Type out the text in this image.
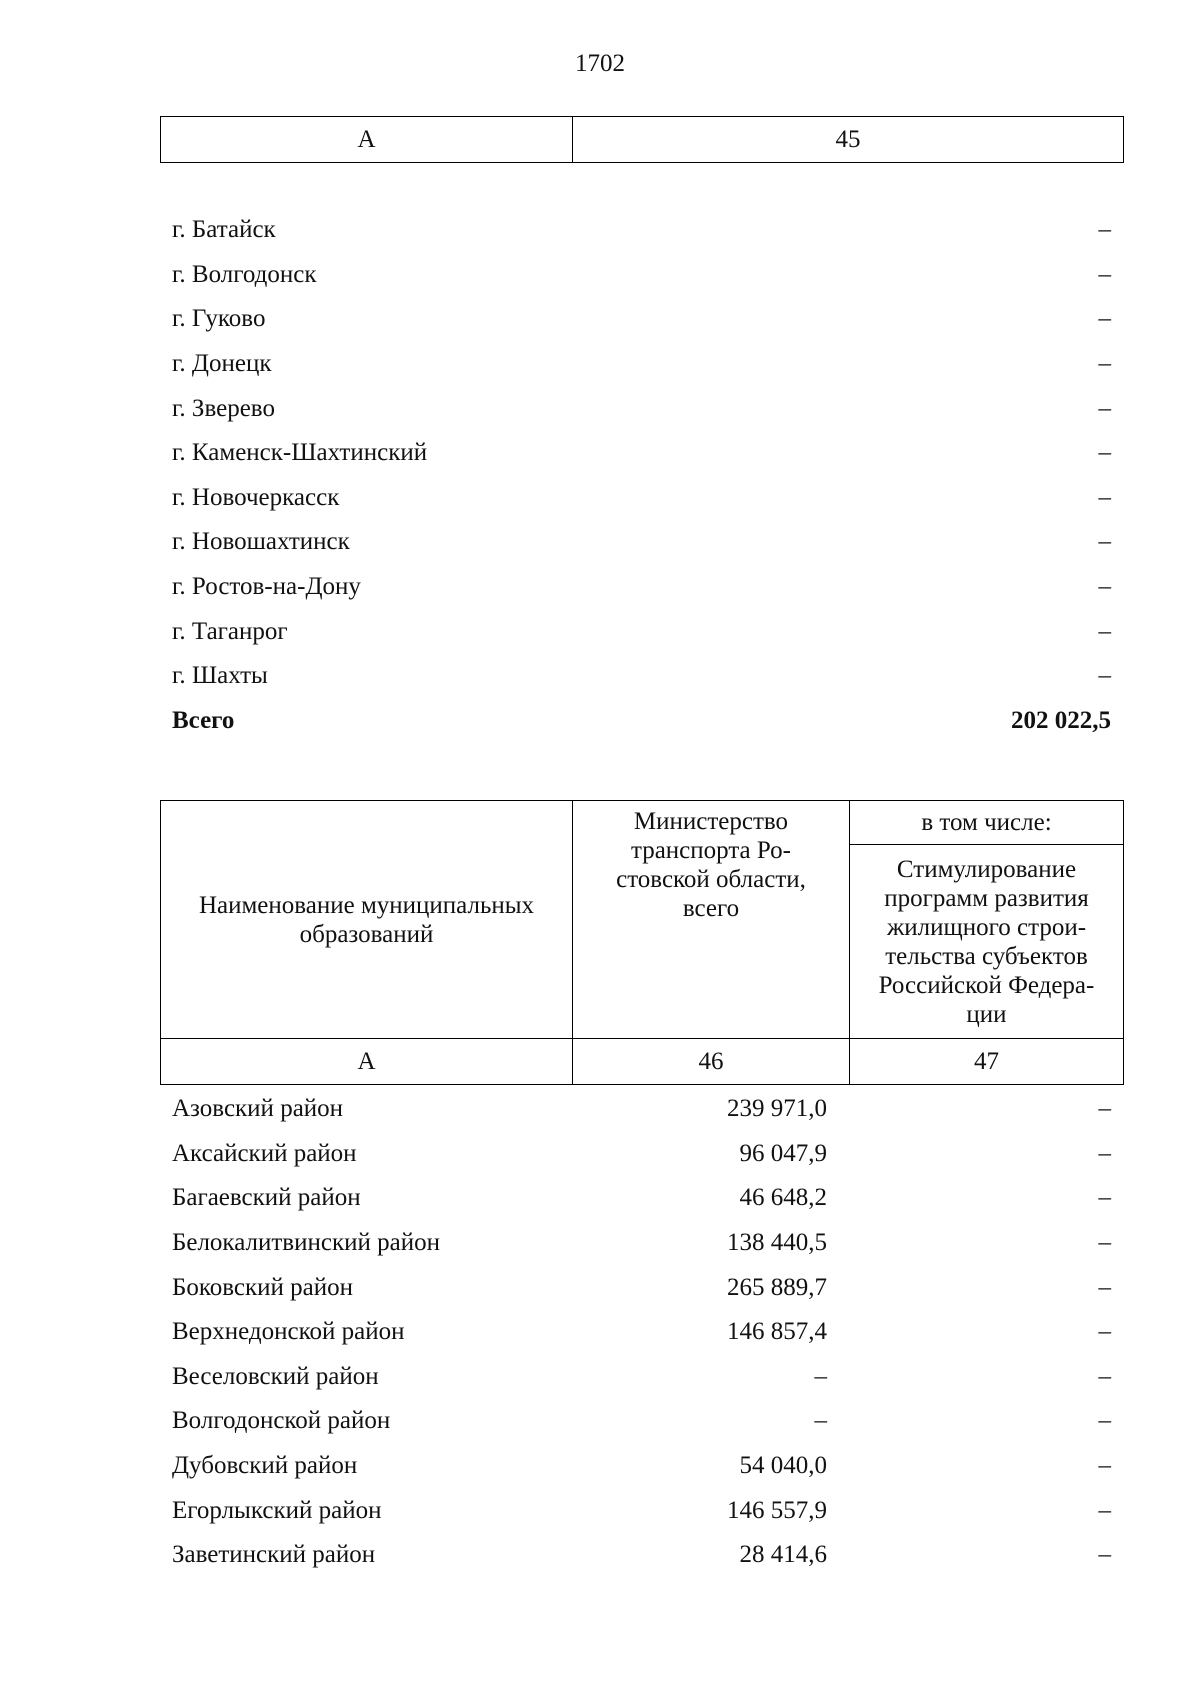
1702
А	45
г. Батайск	–
г. Волгодонск	–
г. Гуково	–
г. Донецк	–
г. Зверево	–
г. Каменск-Шахтинский	–
г. Новочеркасск	–
г. Новошахтинск	–
г. Ростов-на-Дону	–
г. Таганрог	–
г. Шахты	–
Всего	202 022,5
Наименование муниципальных образований	Министерство транспорта Ро-стовской области, всего	в том числе:
		Стимулирование программ развития жилищного строи-тельства субъектов Российской Федера-ции
А	46	47
Азовский район	239 971,0	–
Аксайский район	96 047,9	–
Багаевский район	46 648,2	–
Белокалитвинский район	138 440,5	–
Боковский район	265 889,7	–
Верхнедонской район	146 857,4	–
Веселовский район	–	–
Волгодонской район	–	–
Дубовский район	54 040,0	–
Егорлыкский район	146 557,9	–
Заветинский район	28 414,6	–
